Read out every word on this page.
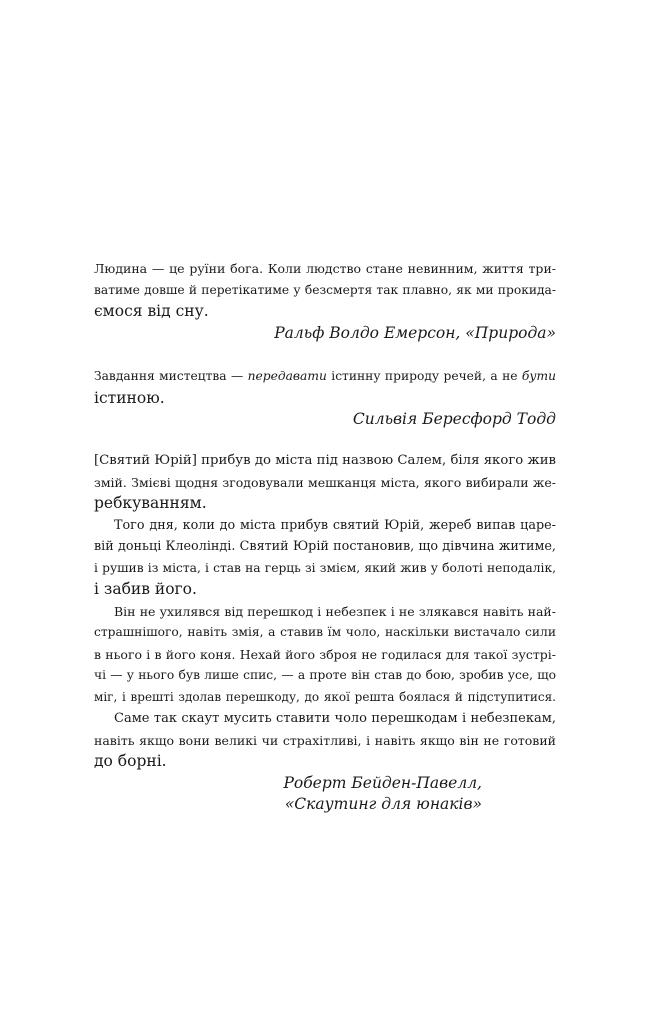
Людина — це руїни бога. Коли людство стане невинним, життя три-
ватиме довше й перетікатиме у безсмертя так плавно, як ми прокида-
ємося від сну.
Ральф Волдо Емерсон, «Природа»
Завдання мистецтва — передавати істинну природу речей, а не бути
істиною.
Сильвія Бересфорд Тодд
[Святий Юрій] прибув до міста під назвою Салем, біля якого жив
змій. Змієві щодня згодовували мешканця міста, якого вибирали же-
ребкуванням.
Того дня, коли до міста прибув святий Юрій, жереб випав царе-
вій доньці Клеолінді. Святий Юрій постановив, що дівчина житиме,
і рушив із міста, і став на герць зі змієм, який жив у болоті неподалік,
і забив його.
Він не ухилявся від перешкод і небезпек і не злякався навіть най-
страшнішого, навіть змія, а ставив їм чоло, наскільки вистачало сили
в нього і в його коня. Нехай його зброя не годилася для такої зустрі-
чі — у нього був лише спис, — а проте він став до бою, зробив усе, що
міг, і врешті здолав перешкоду, до якої решта боялася й підступитися.
Саме так скаут мусить ставити чоло перешкодам і небезпекам,
навіть якщо вони великі чи страхітливі, і навіть якщо він не готовий
до борні.
Роберт Бейден-Павелл,
«Скаутинг для юнаків»
